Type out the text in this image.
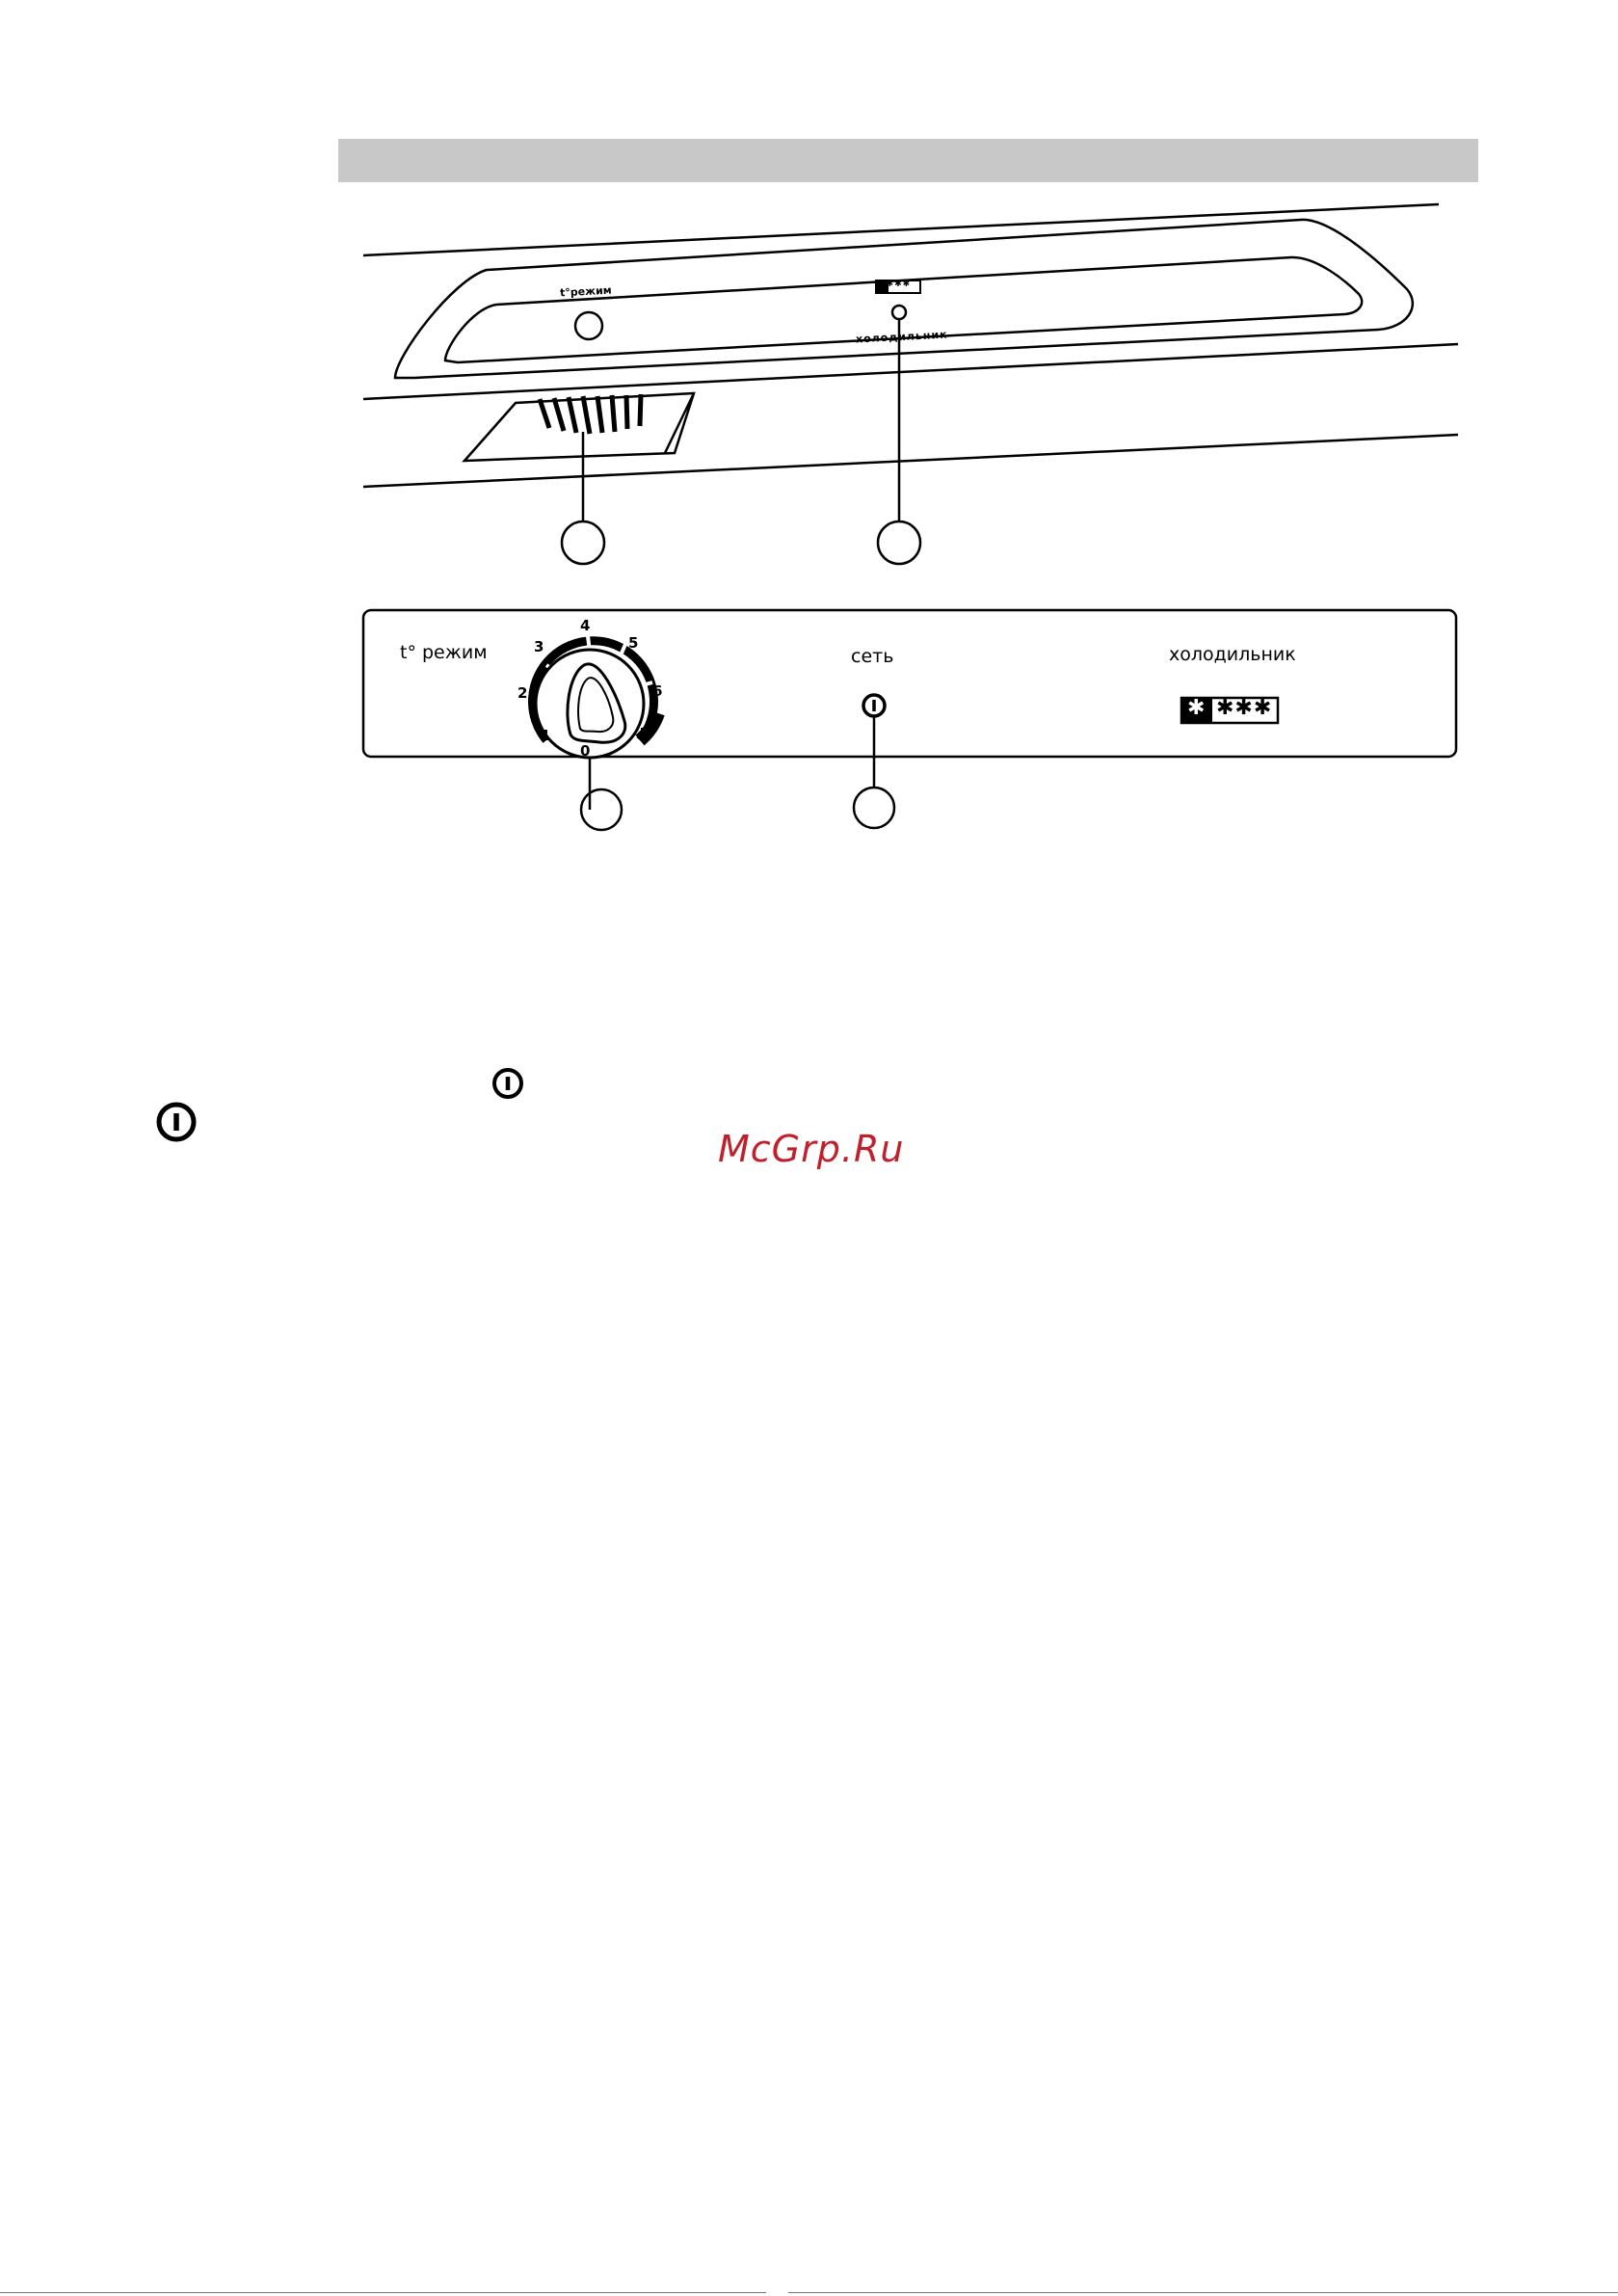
t°режим
холодильник
t° режим	сеть	холодильник
0
1
2
3
4
5
6
7
✱ ✱✱✱
✱✱✱✱
McGrp.Ru
